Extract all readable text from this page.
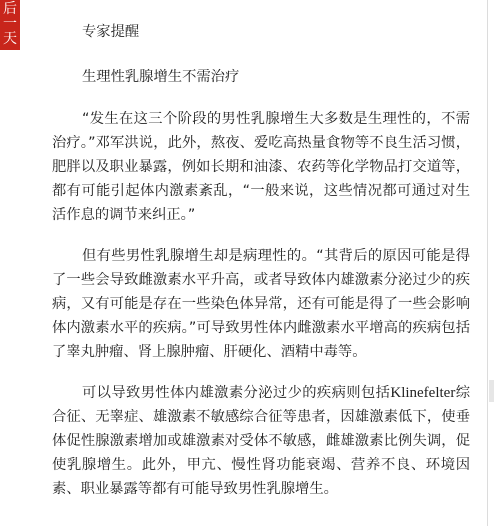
后
一
天	专家提醒

生理性乳腺增生不需治疗

“发生在这三个阶段的男性乳腺增生大多数是生理性的，不需治疗。”邓军洪说，此外，熬夜、爱吃高热量食物等不良生活习惯，肥胖以及职业暴露，例如长期和油漆、农药等化学物品打交道等，都有可能引起体内激素紊乱，“一般来说，这些情况都可通过对生活作息的调节来纠正。”

但有些男性乳腺增生却是病理性的。“其背后的原因可能是得了一些会导致雌激素水平升高，或者导致体内雄激素分泌过少的疾病，又有可能是存在一些染色体异常，还有可能是得了一些会影响体内激素水平的疾病。”可导致男性体内雌激素水平增高的疾病包括了睾丸肿瘤、肾上腺肿瘤、肝硬化、酒精中毒等。

可以导致男性体内雄激素分泌过少的疾病则包括Klinefelter综合征、无睾症、雄激素不敏感综合征等患者，因雄激素低下，使垂体促性腺激素增加或雄激素对受体不敏感，雌雄激素比例失调，促使乳腺增生。此外，甲亢、慢性肾功能衰竭、营养不良、环境因素、职业暴露等都有可能导致男性乳腺增生。
